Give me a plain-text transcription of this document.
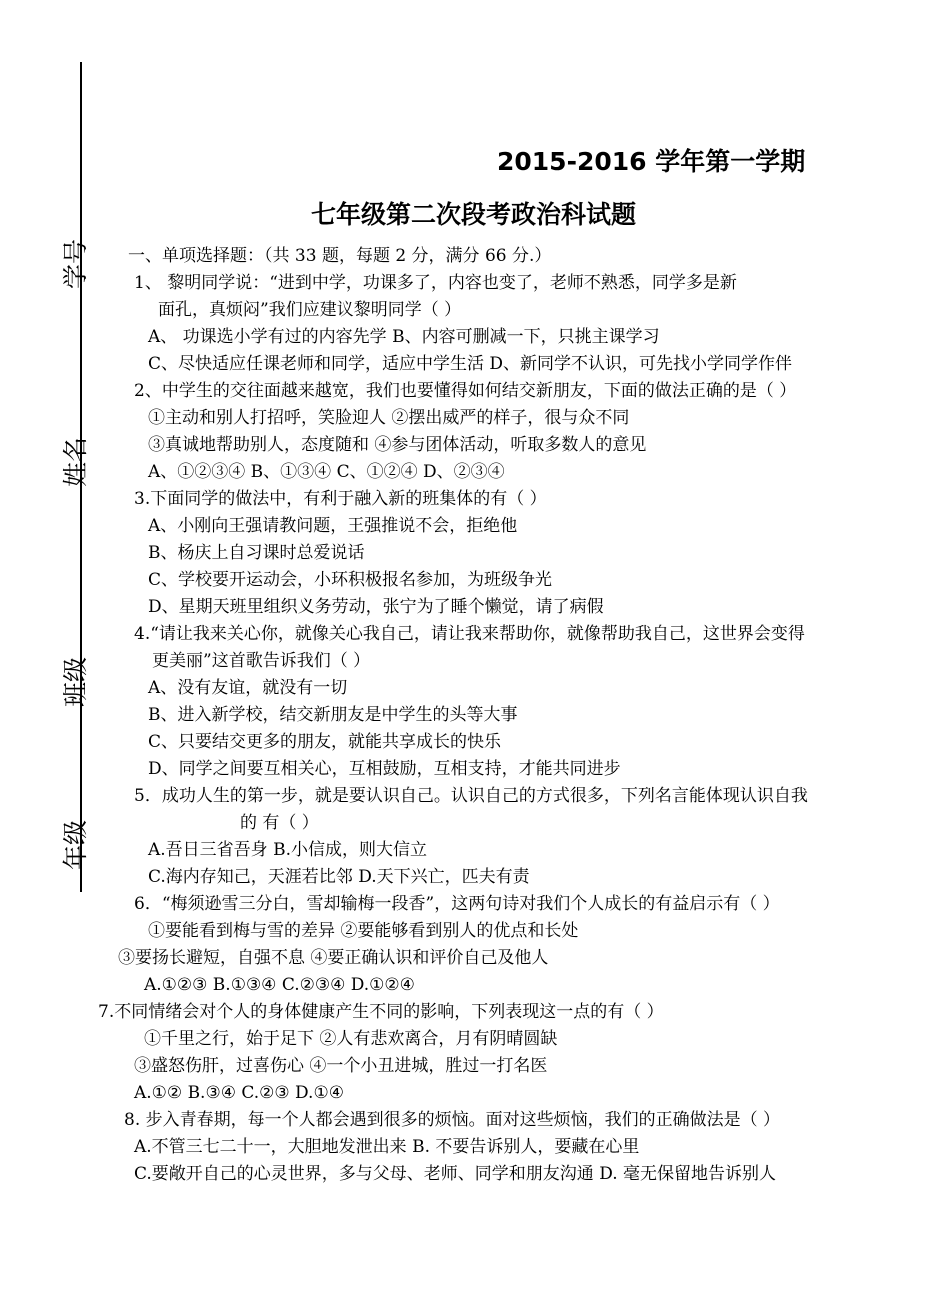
学号
姓名
班级
年级
2015-2016 学年第一学期
七年级第二次段考政治科试题
一、单项选择题：（共 33 题，每题 2 分，满分 66 分.）
1、 黎明同学说：“进到中学，功课多了，内容也变了，老师不熟悉，同学多是新
面孔，真烦闷”我们应建议黎明同学（ ）
A、 功课选小学有过的内容先学 B、内容可删减一下，只挑主课学习
C、尽快适应任课老师和同学，适应中学生活 D、新同学不认识，可先找小学同学作伴
2、中学生的交往面越来越宽，我们也要懂得如何结交新朋友，下面的做法正确的是（ ）
①主动和别人打招呼，笑脸迎人 ②摆出威严的样子，很与众不同
③真诚地帮助别人，态度随和 ④参与团体活动，听取多数人的意见
A、①②③④ B、①③④ C、①②④ D、②③④
3.下面同学的做法中，有利于融入新的班集体的有（ ）
A、小刚向王强请教问题，王强推说不会，拒绝他
B、杨庆上自习课时总爱说话
C、学校要开运动会，小环积极报名参加，为班级争光
D、星期天班里组织义务劳动，张宁为了睡个懒觉，请了病假
4.“请让我来关心你，就像关心我自己，请让我来帮助你，就像帮助我自己，这世界会变得
更美丽”这首歌告诉我们（ ）
A、没有友谊，就没有一切
B、进入新学校，结交新朋友是中学生的头等大事
C、只要结交更多的朋友，就能共享成长的快乐
D、同学之间要互相关心，互相鼓励，互相支持，才能共同进步
5．成功人生的第一步，就是要认识自己。认识自己的方式很多，下列名言能体现认识自我
的 有（ ）
A.吾日三省吾身 B.小信成，则大信立
C.海内存知己，天涯若比邻 D.天下兴亡，匹夫有责
6．“梅须逊雪三分白，雪却输梅一段香”，这两句诗对我们个人成长的有益启示有（ ）
①要能看到梅与雪的差异 ②要能够看到别人的优点和长处
③要扬长避短，自强不息 ④要正确认识和评价自己及他人
A.①②③ B.①③④ C.②③④ D.①②④
7.不同情绪会对个人的身体健康产生不同的影响，下列表现这一点的有（ ）
①千里之行，始于足下 ②人有悲欢离合，月有阴晴圆缺
③盛怒伤肝，过喜伤心 ④一个小丑进城，胜过一打名医
A.①② B.③④ C.②③ D.①④
8. 步入青春期，每一个人都会遇到很多的烦恼。面对这些烦恼，我们的正确做法是（ ）
A.不管三七二十一，大胆地发泄出来 B. 不要告诉别人，要藏在心里
C.要敞开自己的心灵世界，多与父母、老师、同学和朋友沟通 D. 毫无保留地告诉别人
